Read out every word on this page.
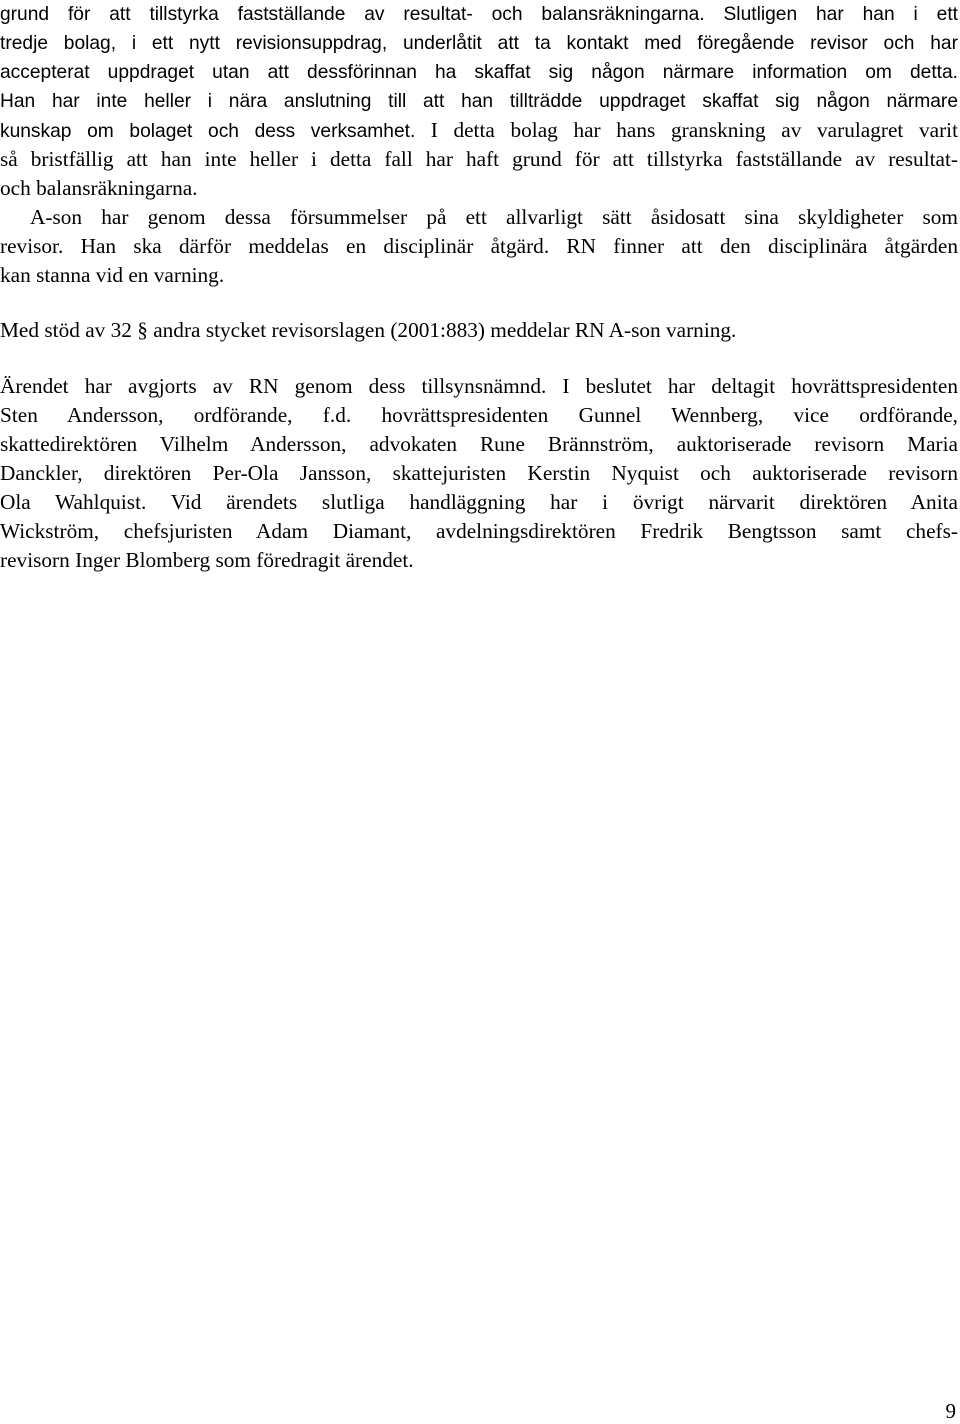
grund för att tillstyrka fastställande av resultat- och balansräkningarna. Slutligen har han i ett
tredje bolag, i ett nytt revisionsuppdrag, underlåtit att ta kontakt med föregående revisor och har
accepterat uppdraget utan att dessförinnan ha skaffat sig någon närmare information om detta.
Han har inte heller i nära anslutning till att han tillträdde uppdraget skaffat sig någon närmare
kunskap om bolaget och dess verksamhet. I detta bolag har hans granskning av varulagret varit
så bristfällig att han inte heller i detta fall har haft grund för att tillstyrka fastställande av resultat-
och balansräkningarna.
A-son har genom dessa försummelser på ett allvarligt sätt åsidosatt sina skyldigheter som
revisor. Han ska därför meddelas en disciplinär åtgärd. RN finner att den disciplinära åtgärden
kan stanna vid en varning.
Med stöd av 32 § andra stycket revisorslagen (2001:883) meddelar RN A-son varning.
Ärendet har avgjorts av RN genom dess tillsynsnämnd. I beslutet har deltagit hovrättspresidenten
Sten Andersson, ordförande, f.d. hovrättspresidenten Gunnel Wennberg, vice ordförande,
skattedirektören Vilhelm Andersson, advokaten Rune Brännström, auktoriserade revisorn Maria
Danckler, direktören Per-Ola Jansson, skattejuristen Kerstin Nyquist och auktoriserade revisorn
Ola Wahlquist. Vid ärendets slutliga handläggning har i övrigt närvarit direktören Anita
Wickström, chefsjuristen Adam Diamant, avdelningsdirektören Fredrik Bengtsson samt chefs-
revisorn Inger Blomberg som föredragit ärendet.
9
